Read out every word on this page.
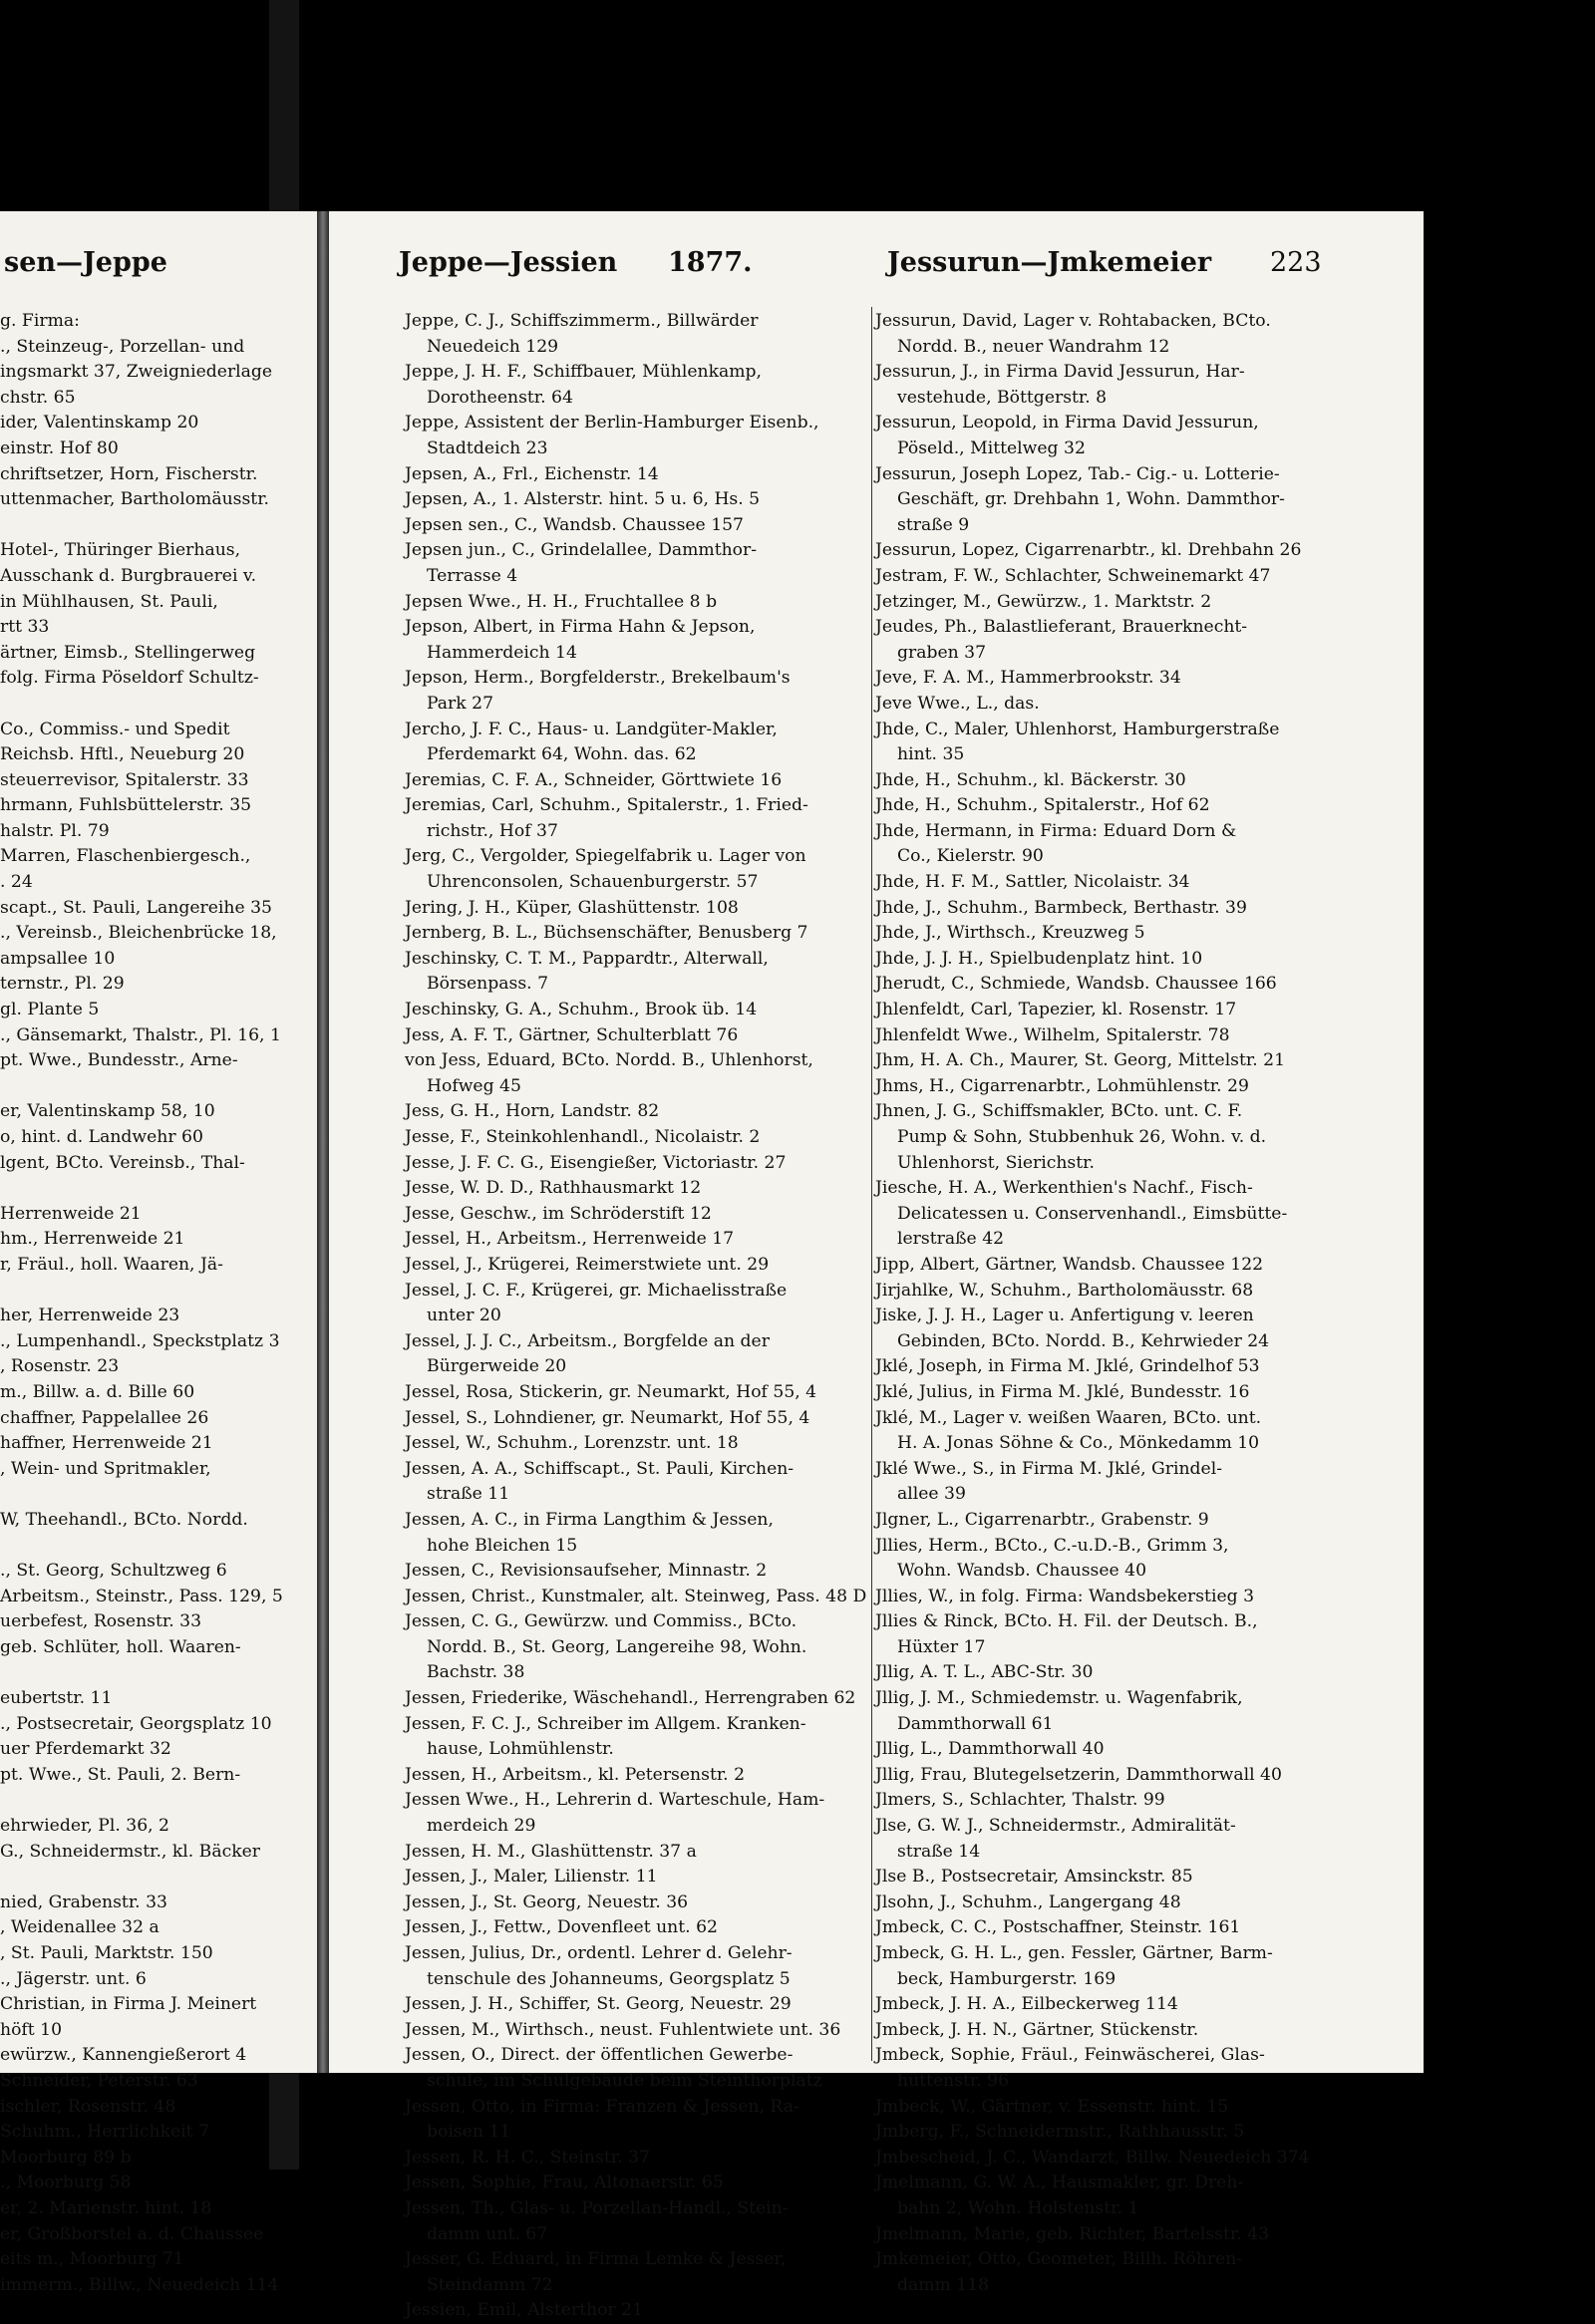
sen—Jeppe
g. Firma:
., Steinzeug-, Porzellan- und
ingsmarkt 37, Zweigniederlage
chstr. 65
ider, Valentinskamp 20
einstr. Hof 80
chriftsetzer, Horn, Fischerstr.
uttenmacher, Bartholomäusstr.

Hotel-, Thüringer Bierhaus,
Ausschank d. Burgbrauerei v.
in Mühlhausen, St. Pauli,
rtt 33
ärtner, Eimsb., Stellingerweg
folg. Firma Pöseldorf Schultz-

Co., Commiss.- und Spedit
Reichsb. Hftl., Neueburg 20
steuerrevisor, Spitalerstr. 33
hrmann, Fuhlsbüttelerstr. 35
halstr. Pl. 79
Marren, Flaschenbiergesch.,
. 24
scapt., St. Pauli, Langereihe 35
., Vereinsb., Bleichenbrücke 18,
ampsallee 10
ternstr., Pl. 29
gl. Plante 5
., Gänsemarkt, Thalstr., Pl. 16, 1
pt. Wwe., Bundesstr., Arne-

er, Valentinskamp 58, 10
o, hint. d. Landwehr 60
lgent, BCto. Vereinsb., Thal-

Herrenweide 21
hm., Herrenweide 21
r, Fräul., holl. Waaren, Jä-

her, Herrenweide 23
., Lumpenhandl., Speckstplatz 3
, Rosenstr. 23
m., Billw. a. d. Bille 60
chaffner, Pappelallee 26
haffner, Herrenweide 21
, Wein- und Spritmakler,

W, Theehandl., BCto. Nordd.

., St. Georg, Schultzweg 6
Arbeitsm., Steinstr., Pass. 129, 5
uerbefest, Rosenstr. 33
geb. Schlüter, holl. Waaren-

eubertstr. 11
., Postsecretair, Georgsplatz 10
uer Pferdemarkt 32
pt. Wwe., St. Pauli, 2. Bern-

ehrwieder, Pl. 36, 2
G., Schneidermstr., kl. Bäcker

nied, Grabenstr. 33
, Weidenallee 32 a
, St. Pauli, Marktstr. 150
., Jägerstr. unt. 6
Christian, in Firma J. Meinert
höft 10
ewürzw., Kannengießerort 4
Schneider, Peterstr. 63
ischler, Rosenstr. 48
Schuhm., Herrlichkeit 7
Moorburg 89 b
., Moorburg 58
er, 2. Marienstr. hint. 18
er, Großborstel a. d. Chaussee
eits m., Moorburg 71
immerm., Billw., Neuedeich 114
Jeppe—Jessien 1877.	Jessurun—Jmkemeier 223
Jeppe, C. J., Schiffszimmerm., Billwärder
Neuedeich 129
Jeppe, J. H. F., Schiffbauer, Mühlenkamp,
Dorotheenstr. 64
Jeppe, Assistent der Berlin-Hamburger Eisenb.,
Stadtdeich 23
Jepsen, A., Frl., Eichenstr. 14
Jepsen, A., 1. Alsterstr. hint. 5 u. 6, Hs. 5
Jepsen sen., C., Wandsb. Chaussee 157
Jepsen jun., C., Grindelallee, Dammthor-
Terrasse 4
Jepsen Wwe., H. H., Fruchtallee 8 b
Jepson, Albert, in Firma Hahn & Jepson,
Hammerdeich 14
Jepson, Herm., Borgfelderstr., Brekelbaum's
Park 27
Jercho, J. F. C., Haus- u. Landgüter-Makler,
Pferdemarkt 64, Wohn. das. 62
Jeremias, C. F. A., Schneider, Görttwiete 16
Jeremias, Carl, Schuhm., Spitalerstr., 1. Fried-
richstr., Hof 37
Jerg, C., Vergolder, Spiegelfabrik u. Lager von
Uhrenconsolen, Schauenburgerstr. 57
Jering, J. H., Küper, Glashüttenstr. 108
Jernberg, B. L., Büchsenschäfter, Benusberg 7
Jeschinsky, C. T. M., Pappardtr., Alterwall,
Börsenpass. 7
Jeschinsky, G. A., Schuhm., Brook üb. 14
Jess, A. F. T., Gärtner, Schulterblatt 76
von Jess, Eduard, BCto. Nordd. B., Uhlenhorst,
Hofweg 45
Jess, G. H., Horn, Landstr. 82
Jesse, F., Steinkohlenhandl., Nicolaistr. 2
Jesse, J. F. C. G., Eisengießer, Victoriastr. 27
Jesse, W. D. D., Rathhausmarkt 12
Jesse, Geschw., im Schröderstift 12
Jessel, H., Arbeitsm., Herrenweide 17
Jessel, J., Krügerei, Reimerstwiete unt. 29
Jessel, J. C. F., Krügerei, gr. Michaelisstraße
unter 20
Jessel, J. J. C., Arbeitsm., Borgfelde an der
Bürgerweide 20
Jessel, Rosa, Stickerin, gr. Neumarkt, Hof 55, 4
Jessel, S., Lohndiener, gr. Neumarkt, Hof 55, 4
Jessel, W., Schuhm., Lorenzstr. unt. 18
Jessen, A. A., Schiffscapt., St. Pauli, Kirchen-
straße 11
Jessen, A. C., in Firma Langthim & Jessen,
hohe Bleichen 15
Jessen, C., Revisionsaufseher, Minnastr. 2
Jessen, Christ., Kunstmaler, alt. Steinweg, Pass. 48 D
Jessen, C. G., Gewürzw. und Commiss., BCto.
Nordd. B., St. Georg, Langereihe 98, Wohn.
Bachstr. 38
Jessen, Friederike, Wäschehandl., Herrengraben 62
Jessen, F. C. J., Schreiber im Allgem. Kranken-
hause, Lohmühlenstr.
Jessen, H., Arbeitsm., kl. Petersenstr. 2
Jessen Wwe., H., Lehrerin d. Warteschule, Ham-
merdeich 29
Jessen, H. M., Glashüttenstr. 37 a
Jessen, J., Maler, Lilienstr. 11
Jessen, J., St. Georg, Neuestr. 36
Jessen, J., Fettw., Dovenfleet unt. 62
Jessen, Julius, Dr., ordentl. Lehrer d. Gelehr-
tenschule des Johanneums, Georgsplatz 5
Jessen, J. H., Schiffer, St. Georg, Neuestr. 29
Jessen, M., Wirthsch., neust. Fuhlentwiete unt. 36
Jessen, O., Direct. der öffentlichen Gewerbe-
schule, im Schulgebäude beim Steinthorplatz
Jessen, Otto, in Firma: Franzen & Jessen, Ra-
boisen 11
Jessen, R. H. C., Steinstr. 37
Jessen, Sophie, Frau, Altonaerstr. 65
Jessen, Th., Glas- u. Porzellan-Handl., Stein-
damm unt. 67
Jesser, G. Eduard, in Firma Lemke & Jesser,
Steindamm 72
Jessien, Emil, Alsterthor 21
Jessurun, David, Lager v. Rohtabacken, BCto.
Nordd. B., neuer Wandrahm 12
Jessurun, J., in Firma David Jessurun, Har-
vestehude, Böttgerstr. 8
Jessurun, Leopold, in Firma David Jessurun,
Pöseld., Mittelweg 32
Jessurun, Joseph Lopez, Tab.- Cig.- u. Lotterie-
Geschäft, gr. Drehbahn 1, Wohn. Dammthor-
straße 9
Jessurun, Lopez, Cigarrenarbtr., kl. Drehbahn 26
Jestram, F. W., Schlachter, Schweinemarkt 47
Jetzinger, M., Gewürzw., 1. Marktstr. 2
Jeudes, Ph., Balastlieferant, Brauerknecht-
graben 37
Jeve, F. A. M., Hammerbrookstr. 34
Jeve Wwe., L., das.
Jhde, C., Maler, Uhlenhorst, Hamburgerstraße
hint. 35
Jhde, H., Schuhm., kl. Bäckerstr. 30
Jhde, H., Schuhm., Spitalerstr., Hof 62
Jhde, Hermann, in Firma: Eduard Dorn &
Co., Kielerstr. 90
Jhde, H. F. M., Sattler, Nicolaistr. 34
Jhde, J., Schuhm., Barmbeck, Berthastr. 39
Jhde, J., Wirthsch., Kreuzweg 5
Jhde, J. J. H., Spielbudenplatz hint. 10
Jherudt, C., Schmiede, Wandsb. Chaussee 166
Jhlenfeldt, Carl, Tapezier, kl. Rosenstr. 17
Jhlenfeldt Wwe., Wilhelm, Spitalerstr. 78
Jhm, H. A. Ch., Maurer, St. Georg, Mittelstr. 21
Jhms, H., Cigarrenarbtr., Lohmühlenstr. 29
Jhnen, J. G., Schiffsmakler, BCto. unt. C. F.
Pump & Sohn, Stubbenhuk 26, Wohn. v. d.
Uhlenhorst, Sierichstr.
Jiesche, H. A., Werkenthien's Nachf., Fisch-
Delicatessen u. Conservenhandl., Eimsbütte-
lerstraße 42
Jipp, Albert, Gärtner, Wandsb. Chaussee 122
Jirjahlke, W., Schuhm., Bartholomäusstr. 68
Jiske, J. J. H., Lager u. Anfertigung v. leeren
Gebinden, BCto. Nordd. B., Kehrwieder 24
Jklé, Joseph, in Firma M. Jklé, Grindelhof 53
Jklé, Julius, in Firma M. Jklé, Bundesstr. 16
Jklé, M., Lager v. weißen Waaren, BCto. unt.
H. A. Jonas Söhne & Co., Mönkedamm 10
Jklé Wwe., S., in Firma M. Jklé, Grindel-
allee 39
Jlgner, L., Cigarrenarbtr., Grabenstr. 9
Jllies, Herm., BCto., C.-u.D.-B., Grimm 3,
Wohn. Wandsb. Chaussee 40
Jllies, W., in folg. Firma: Wandsbekerstieg 3
Jllies & Rinck, BCto. H. Fil. der Deutsch. B.,
Hüxter 17
Jllig, A. T. L., ABC-Str. 30
Jllig, J. M., Schmiedemstr. u. Wagenfabrik,
Dammthorwall 61
Jllig, L., Dammthorwall 40
Jllig, Frau, Blutegelsetzerin, Dammthorwall 40
Jlmers, S., Schlachter, Thalstr. 99
Jlse, G. W. J., Schneidermstr., Admiralität-
straße 14
Jlse B., Postsecretair, Amsinckstr. 85
Jlsohn, J., Schuhm., Langergang 48
Jmbeck, C. C., Postschaffner, Steinstr. 161
Jmbeck, G. H. L., gen. Fessler, Gärtner, Barm-
beck, Hamburgerstr. 169
Jmbeck, J. H. A., Eilbeckerweg 114
Jmbeck, J. H. N., Gärtner, Stückenstr.
Jmbeck, Sophie, Fräul., Feinwäscherei, Glas-
hüttenstr. 96
Jmbeck, W., Gärtner, v. Essenstr. hint. 15
Jmberg, F., Schneidermstr., Rathhausstr. 5
Jmbescheid, J. C., Wandarzt, Billw. Neuedeich 374
Jmelmann, G. W. A., Hausmakler, gr. Dreh-
bahn 2, Wohn. Holstenstr. 1
Jmelmann, Marie, geb. Richter, Bartelsstr. 43
Jmkemeier, Otto, Geometer, Billh. Röhren-
damm 118
